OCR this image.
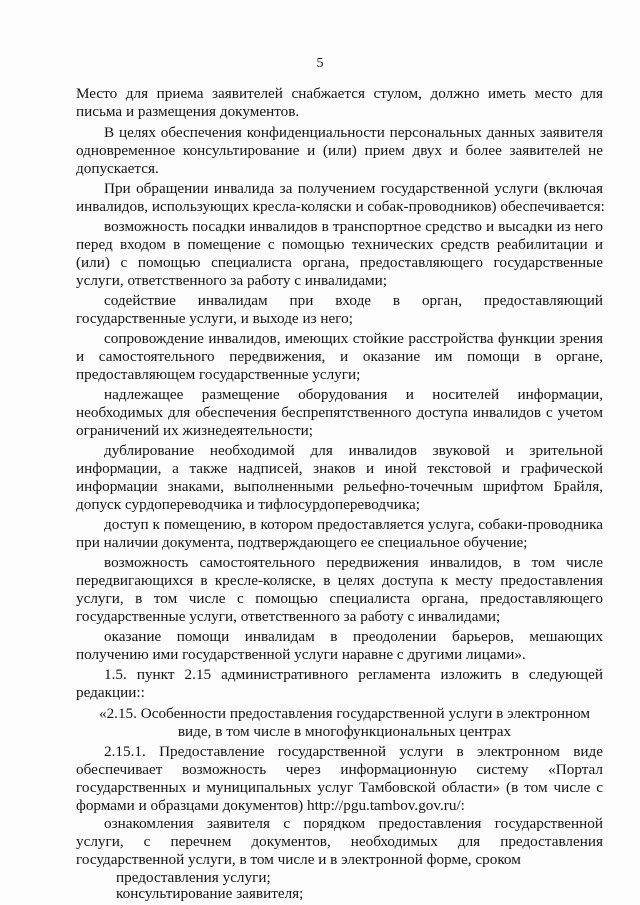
5
Место для приема заявителей снабжается стулом, должно иметь место для
письма и размещения документов.
В целях обеспечения конфиденциальности персональных данных заявителя
одновременное консультирование и (или) прием двух и более заявителей не
допускается.
При обращении инвалида за получением государственной услуги (включая
инвалидов, использующих кресла-коляски и собак-проводников) обеспечивается:
возможность посадки инвалидов в транспортное средство и высадки из него
перед входом в помещение с помощью технических средств реабилитации и
(или) с помощью специалиста органа, предоставляющего государственные
услуги, ответственного за работу с инвалидами;
содействие инвалидам при входе в орган, предоставляющий
государственные услуги, и выходе из него;
сопровождение инвалидов, имеющих стойкие расстройства функции зрения
и самостоятельного передвижения, и оказание им помощи в органе,
предоставляющем государственные услуги;
надлежащее размещение оборудования и носителей информации,
необходимых для обеспечения беспрепятственного доступа инвалидов с учетом
ограничений их жизнедеятельности;
дублирование необходимой для инвалидов звуковой и зрительной
информации, а также надписей, знаков и иной текстовой и графической
информации знаками, выполненными рельефно-точечным шрифтом Брайля,
допуск сурдопереводчика и тифлосурдопереводчика;
доступ к помещению, в котором предоставляется услуга, собаки-проводника
при наличии документа, подтверждающего ее специальное обучение;
возможность самостоятельного передвижения инвалидов, в том числе
передвигающихся в кресле-коляске, в целях доступа к месту предоставления
услуги, в том числе с помощью специалиста органа, предоставляющего
государственные услуги, ответственного за работу с инвалидами;
оказание помощи инвалидам в преодолении барьеров, мешающих
получению ими государственной услуги наравне с другими лицами».
1.5. пункт 2.15 административного регламента изложить в следующей
редакции::
«2.15. Особенности предоставления государственной услуги в электронном
виде, в том числе в многофункциональных центрах
2.15.1. Предоставление государственной услуги в электронном виде
обеспечивает возможность через информационную систему «Портал
государственных и муниципальных услуг Тамбовской области» (в том числе с
формами и образцами документов) http://pgu.tambov.gov.ru/:
ознакомления заявителя с порядком предоставления государственной
услуги, с перечнем документов, необходимых для предоставления
государственной услуги, в том числе и в электронной форме, сроком
предоставления услуги;
консультирование заявителя;
